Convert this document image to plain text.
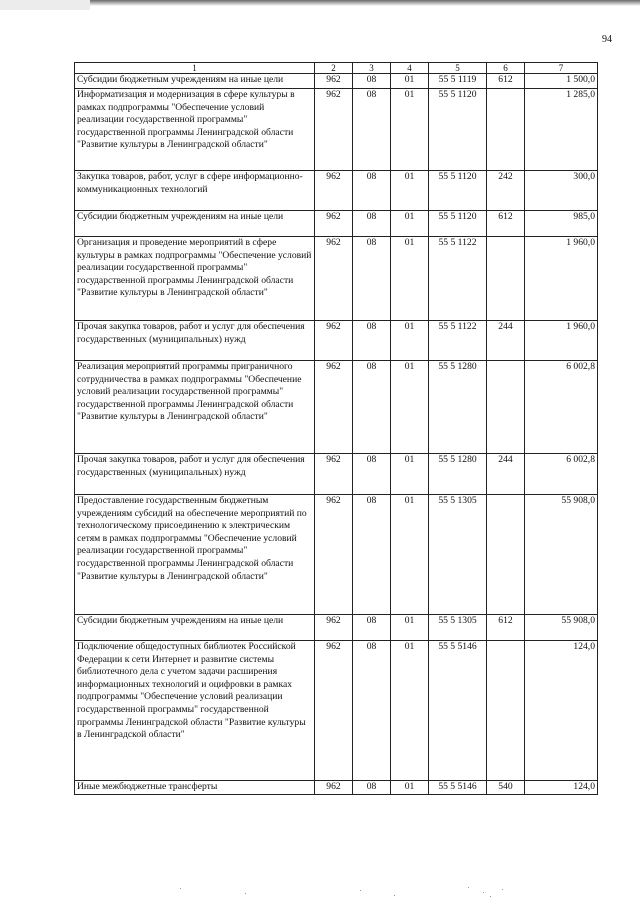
94
1	2	3	4	5	6	7
Субсидии бюджетным учреждениям на иные цели	962	08	01	55 5 1119	612	1 500,0
Информатизация и модернизация в сфере культуры в рамках подпрограммы "Обеспечение условий реализации государственной программы" государственной программы Ленинградской области "Развитие культуры в Ленинградской области"	962	08	01	55 5 1120		1 285,0
Закупка товаров, работ, услуг в сфере информационно-коммуникационных технологий	962	08	01	55 5 1120	242	300,0
Субсидии бюджетным учреждениям на иные цели	962	08	01	55 5 1120	612	985,0
Организация и проведение мероприятий в сфере культуры в рамках подпрограммы "Обеспечение условий реализации государственной программы" государственной программы Ленинградской области "Развитие культуры в Ленинградской области"	962	08	01	55 5 1122		1 960,0
Прочая закупка товаров, работ и услуг для обеспечения государственных (муниципальных) нужд	962	08	01	55 5 1122	244	1 960,0
Реализация мероприятий программы приграничного сотрудничества в рамках подпрограммы "Обеспечение условий реализации государственной программы" государственной программы Ленинградской области "Развитие культуры в Ленинградской области"	962	08	01	55 5 1280		6 002,8
Прочая закупка товаров, работ и услуг для обеспечения государственных (муниципальных) нужд	962	08	01	55 5 1280	244	6 002,8
Предоставление государственным бюджетным учреждениям субсидий на обеспечение мероприятий по технологическому присоединению к электрическим сетям в рамках подпрограммы "Обеспечение условий реализации государственной программы" государственной программы Ленинградской области "Развитие культуры в Ленинградской области"	962	08	01	55 5 1305		55 908,0
Субсидии бюджетным учреждениям на иные цели	962	08	01	55 5 1305	612	55 908,0
Подключение общедоступных библиотек Российской Федерации к сети Интернет и развитие системы библиотечного дела с учетом задачи расширения информационных технологий и оцифровки в рамках подпрограммы "Обеспечение условий реализации государственной программы" государственной программы Ленинградской области "Развитие культуры в Ленинградской области"	962	08	01	55 5 5146		124,0
Иные межбюджетные трансферты	962	08	01	55 5 5146	540	124,0
